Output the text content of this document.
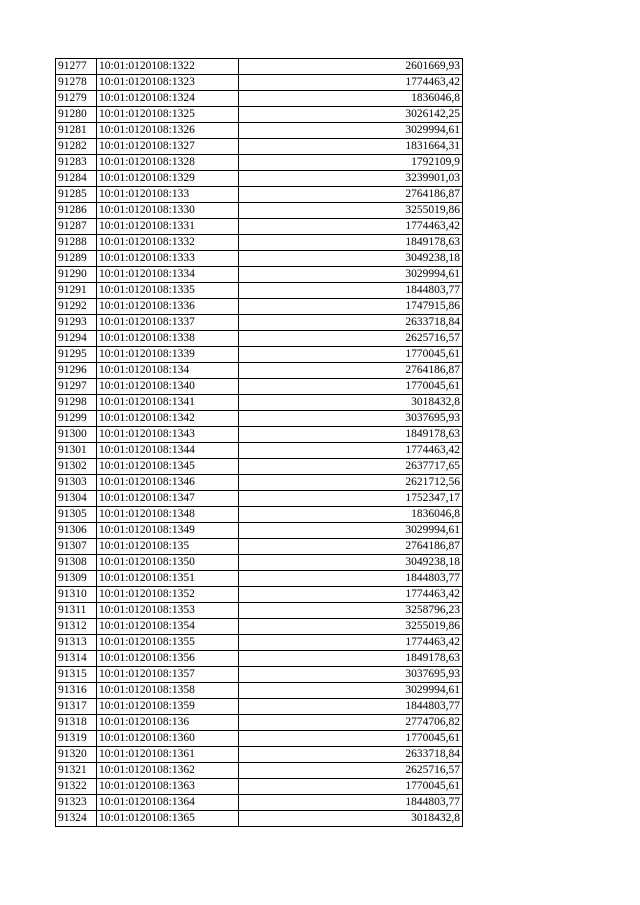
91277	10:01:0120108:1322	2601669,93
91278	10:01:0120108:1323	1774463,42
91279	10:01:0120108:1324	1836046,8
91280	10:01:0120108:1325	3026142,25
91281	10:01:0120108:1326	3029994,61
91282	10:01:0120108:1327	1831664,31
91283	10:01:0120108:1328	1792109,9
91284	10:01:0120108:1329	3239901,03
91285	10:01:0120108:133	2764186,87
91286	10:01:0120108:1330	3255019,86
91287	10:01:0120108:1331	1774463,42
91288	10:01:0120108:1332	1849178,63
91289	10:01:0120108:1333	3049238,18
91290	10:01:0120108:1334	3029994,61
91291	10:01:0120108:1335	1844803,77
91292	10:01:0120108:1336	1747915,86
91293	10:01:0120108:1337	2633718,84
91294	10:01:0120108:1338	2625716,57
91295	10:01:0120108:1339	1770045,61
91296	10:01:0120108:134	2764186,87
91297	10:01:0120108:1340	1770045,61
91298	10:01:0120108:1341	3018432,8
91299	10:01:0120108:1342	3037695,93
91300	10:01:0120108:1343	1849178,63
91301	10:01:0120108:1344	1774463,42
91302	10:01:0120108:1345	2637717,65
91303	10:01:0120108:1346	2621712,56
91304	10:01:0120108:1347	1752347,17
91305	10:01:0120108:1348	1836046,8
91306	10:01:0120108:1349	3029994,61
91307	10:01:0120108:135	2764186,87
91308	10:01:0120108:1350	3049238,18
91309	10:01:0120108:1351	1844803,77
91310	10:01:0120108:1352	1774463,42
91311	10:01:0120108:1353	3258796,23
91312	10:01:0120108:1354	3255019,86
91313	10:01:0120108:1355	1774463,42
91314	10:01:0120108:1356	1849178,63
91315	10:01:0120108:1357	3037695,93
91316	10:01:0120108:1358	3029994,61
91317	10:01:0120108:1359	1844803,77
91318	10:01:0120108:136	2774706,82
91319	10:01:0120108:1360	1770045,61
91320	10:01:0120108:1361	2633718,84
91321	10:01:0120108:1362	2625716,57
91322	10:01:0120108:1363	1770045,61
91323	10:01:0120108:1364	1844803,77
91324	10:01:0120108:1365	3018432,8
